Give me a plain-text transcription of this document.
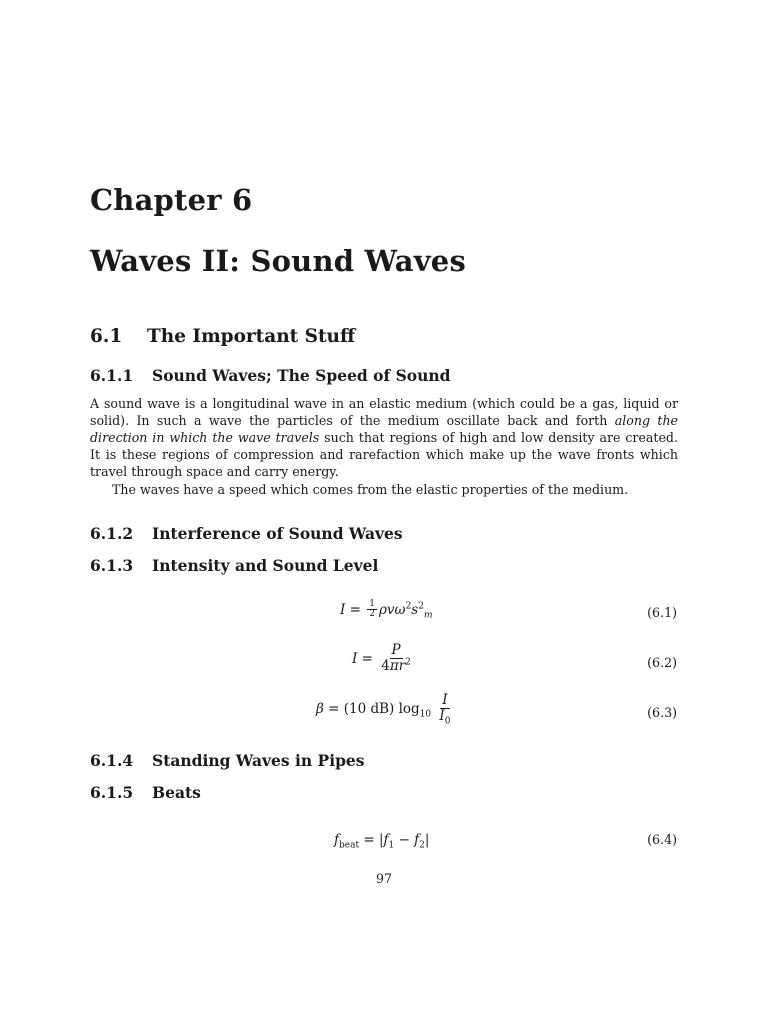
Chapter 6
Waves II: Sound Waves
6.1 The Important Stuff
6.1.1 Sound Waves; The Speed of Sound
A sound wave is a longitudinal wave in an elastic medium (which could be a gas, liquid or solid). In such a wave the particles of the medium oscillate back and forth along the direction in which the wave travels such that regions of high and low density are created. It is these regions of compression and rarefaction which make up the wave fronts which travel through space and carry energy.
The waves have a speed which comes from the elastic properties of the medium.
6.1.2 Interference of Sound Waves
6.1.3 Intensity and Sound Level
I
=
$\frac{1}{2} \rho v\omega^2s^2_m$	(6.1)
I
=
$\frac{P}{4\pi r^2}$	(6.2)
β
= (10 dB) $\log_{10}$
$\frac{I}{I_0}$	(6.3)
6.1.4 Standing Waves in Pipes
6.1.5 Beats
$f_{beat}$
= | $f_1$
−
$f_2$ |	(6.4)
97
